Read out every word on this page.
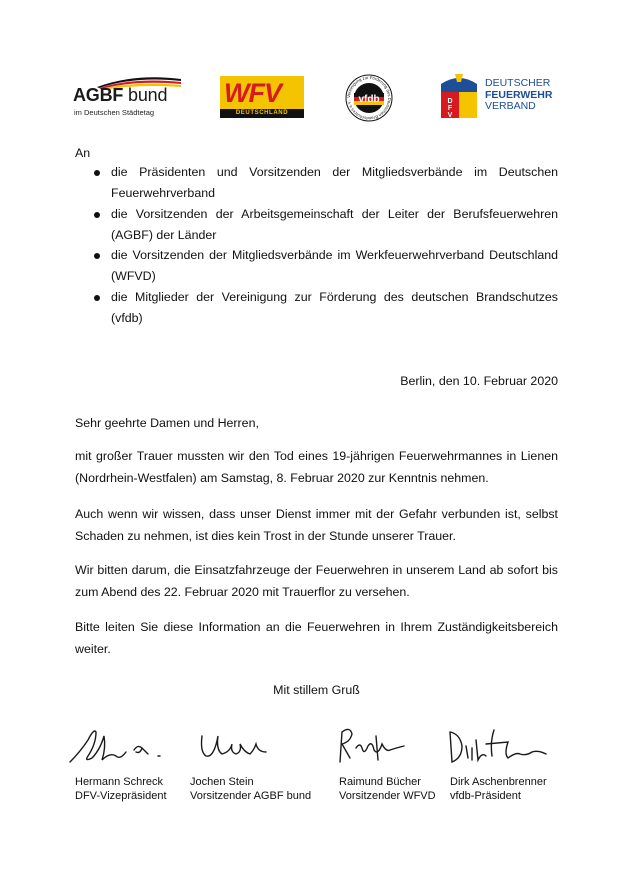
AGBF bund
im Deutschen Städtetag
WFV
DEUTSCHLAND
Vereinigung zur Förderung des Deutschen Brandschutzes e.V. vfdb	D
F
V
DEUTSCHER
FEUERWEHR
VERBAND
An
die Präsidenten und Vorsitzenden der Mitgliedsverbände im Deutschen Feuerwehrverband
die Vorsitzenden der Arbeitsgemeinschaft der Leiter der Berufsfeuerwehren (AGBF) der Länder
die Vorsitzenden der Mitgliedsverbände im Werkfeuerwehrverband Deutschland (WFVD)
die Mitglieder der Vereinigung zur Förderung des deutschen Brandschutzes (vfdb)
Berlin, den 10. Februar 2020
Sehr geehrte Damen und Herren,
mit großer Trauer mussten wir den Tod eines 19-jährigen Feuerwehrmannes in Lienen (Nordrhein-Westfalen) am Samstag, 8. Februar 2020 zur Kenntnis nehmen.
Auch wenn wir wissen, dass unser Dienst immer mit der Gefahr verbunden ist, selbst Schaden zu nehmen, ist dies kein Trost in der Stunde unserer Trauer.
Wir bitten darum, die Einsatzfahrzeuge der Feuerwehren in unserem Land ab sofort bis zum Abend des 22. Februar 2020 mit Trauerflor zu versehen.
Bitte leiten Sie diese Information an die Feuerwehren in Ihrem Zuständigkeitsbereich weiter.
Mit stillem Gruß
Hermann Schreck
DFV-Vizepräsident
Jochen Stein
Vorsitzender AGBF bund
Raimund Bücher
Vorsitzender WFVD
Dirk Aschenbrenner
vfdb-Präsident
